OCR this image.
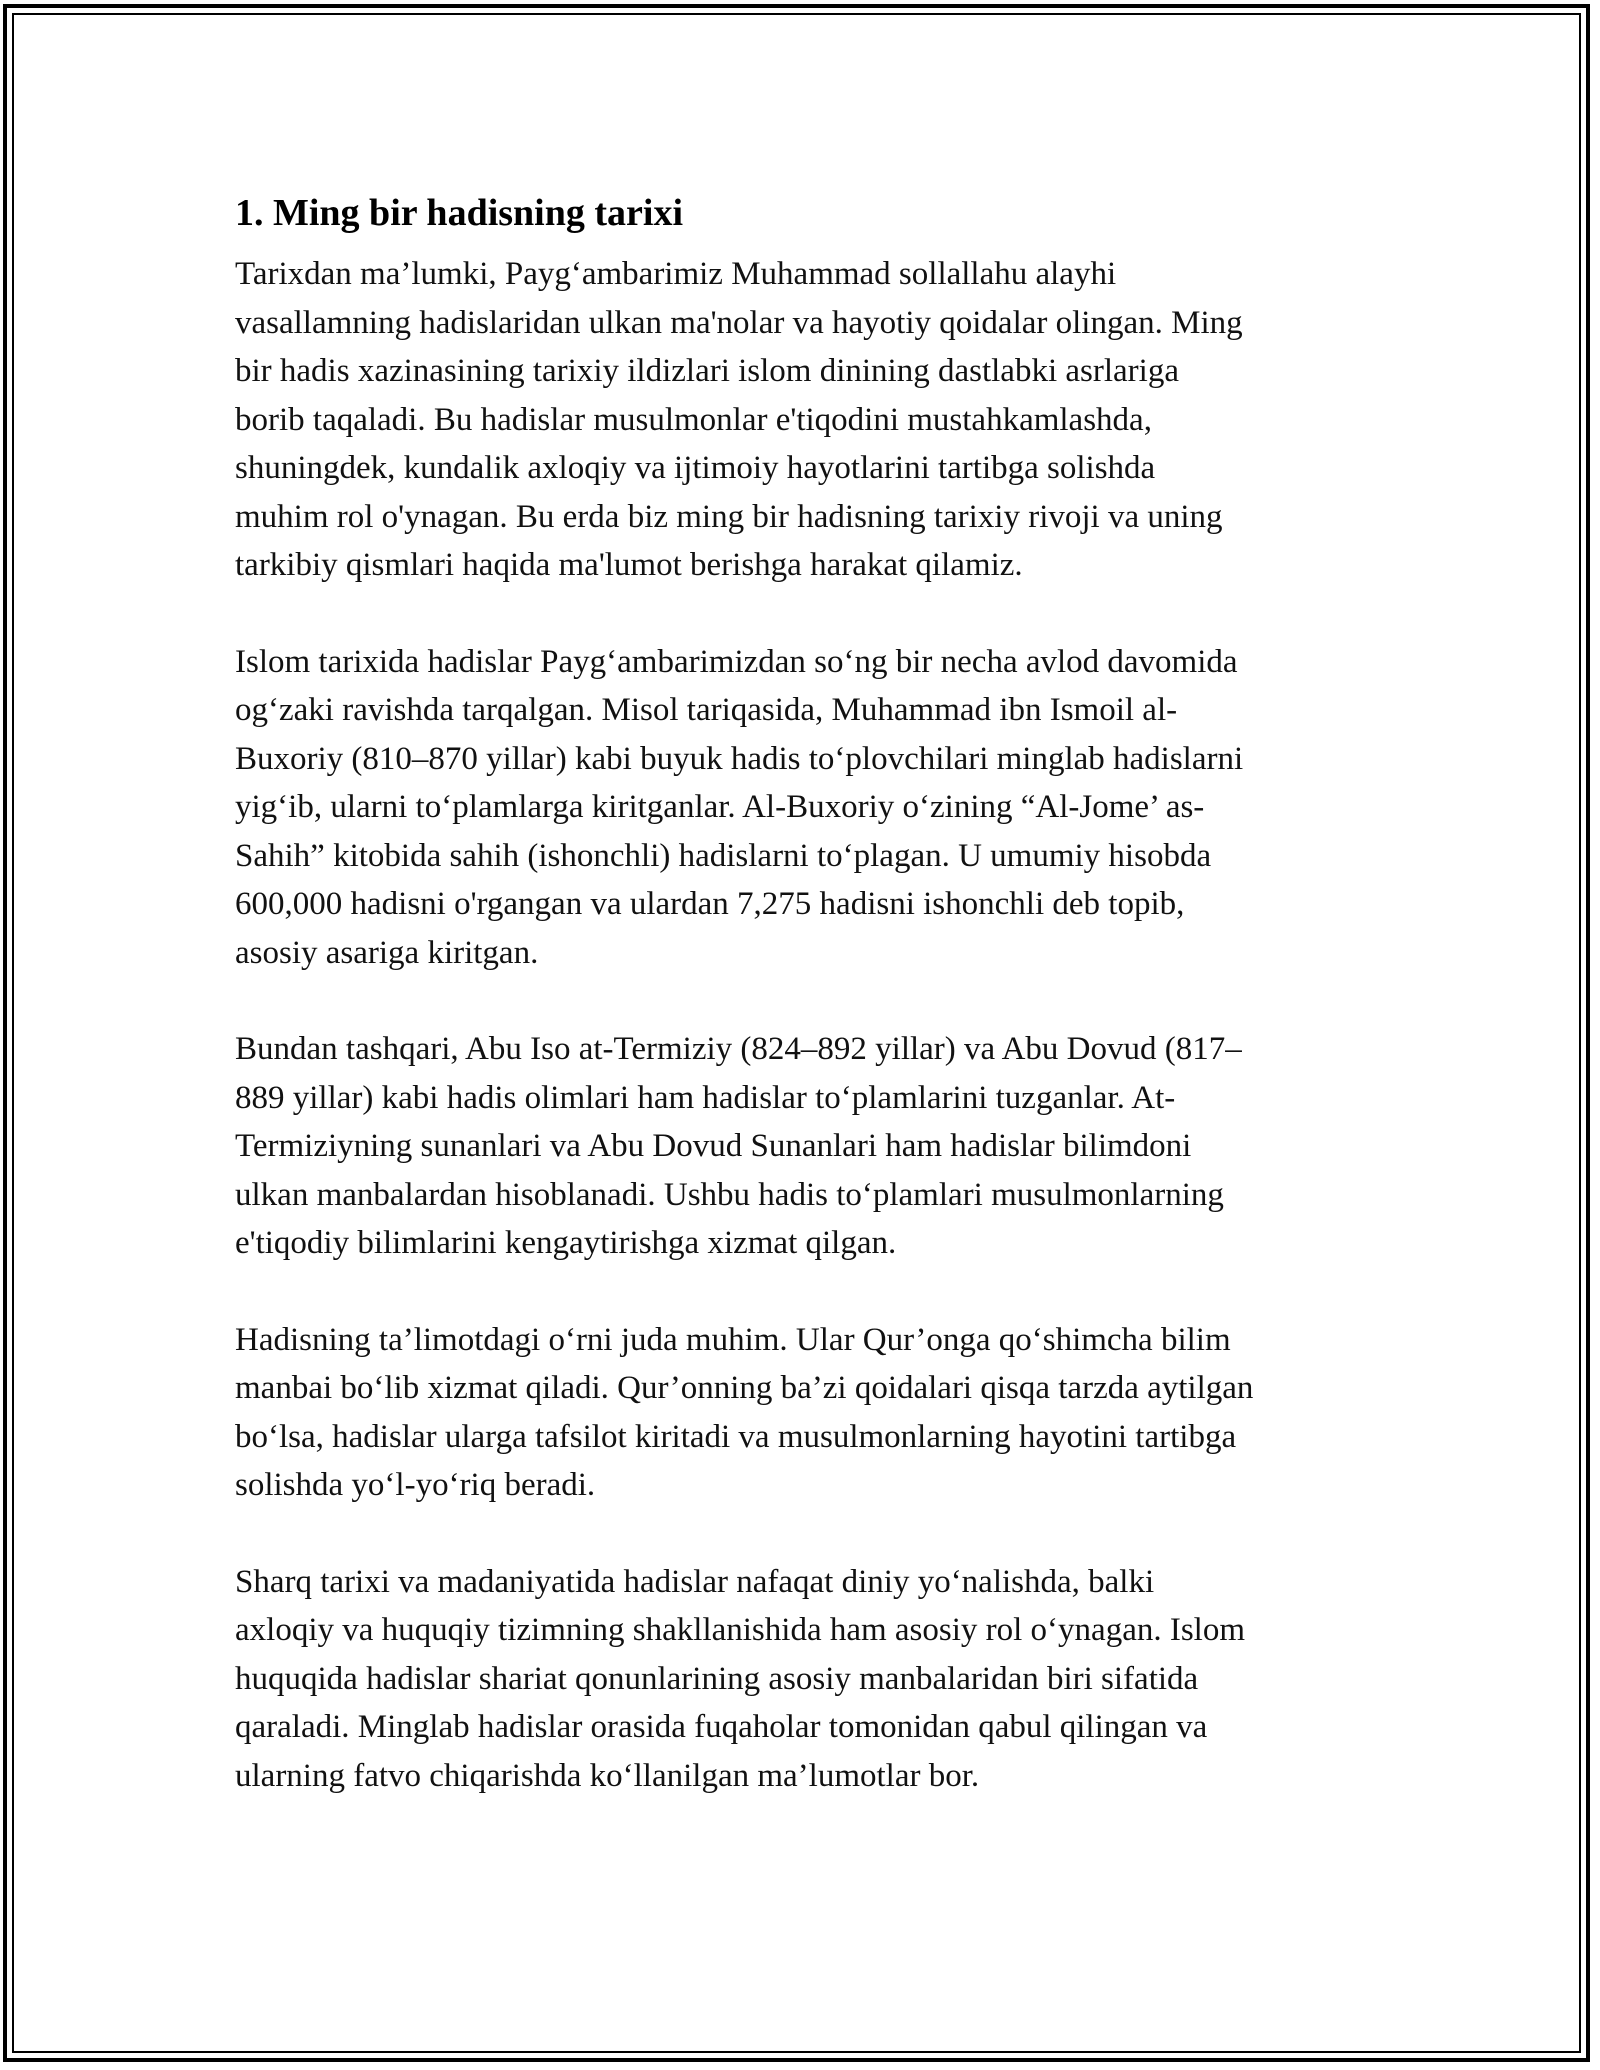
1. Ming bir hadisning tarixi

Tarixdan ma’lumki, Payg‘ambarimiz Muhammad sollallahu alayhi
vasallamning hadislaridan ulkan ma'nolar va hayotiy qoidalar olingan. Ming
bir hadis xazinasining tarixiy ildizlari islom dinining dastlabki asrlariga
borib taqaladi. Bu hadislar musulmonlar e'tiqodini mustahkamlashda,
shuningdek, kundalik axloqiy va ijtimoiy hayotlarini tartibga solishda
muhim rol o'ynagan. Bu erda biz ming bir hadisning tarixiy rivoji va uning
tarkibiy qismlari haqida ma'lumot berishga harakat qilamiz.

Islom tarixida hadislar Payg‘ambarimizdan so‘ng bir necha avlod davomida
og‘zaki ravishda tarqalgan. Misol tariqasida, Muhammad ibn Ismoil al-
Buxoriy (810–870 yillar) kabi buyuk hadis to‘plovchilari minglab hadislarni
yig‘ib, ularni to‘plamlarga kiritganlar. Al-Buxoriy o‘zining “Al-Jome’ as-
Sahih” kitobida sahih (ishonchli) hadislarni to‘plagan. U umumiy hisobda
600,000 hadisni o'rgangan va ulardan 7,275 hadisni ishonchli deb topib,
asosiy asariga kiritgan.

Bundan tashqari, Abu Iso at-Termiziy (824–892 yillar) va Abu Dovud (817–
889 yillar) kabi hadis olimlari ham hadislar to‘plamlarini tuzganlar. At-
Termiziyning sunanlari va Abu Dovud Sunanlari ham hadislar bilimdoni
ulkan manbalardan hisoblanadi. Ushbu hadis to‘plamlari musulmonlarning
e'tiqodiy bilimlarini kengaytirishga xizmat qilgan.

Hadisning ta’limotdagi o‘rni juda muhim. Ular Qur’onga qo‘shimcha bilim
manbai bo‘lib xizmat qiladi. Qur’onning ba’zi qoidalari qisqa tarzda aytilgan
bo‘lsa, hadislar ularga tafsilot kiritadi va musulmonlarning hayotini tartibga
solishda yo‘l-yo‘riq beradi.

Sharq tarixi va madaniyatida hadislar nafaqat diniy yo‘nalishda, balki
axloqiy va huquqiy tizimning shakllanishida ham asosiy rol o‘ynagan. Islom
huquqida hadislar shariat qonunlarining asosiy manbalaridan biri sifatida
qaraladi. Minglab hadislar orasida fuqaholar tomonidan qabul qilingan va
ularning fatvo chiqarishda ko‘llanilgan ma’lumotlar bor.
